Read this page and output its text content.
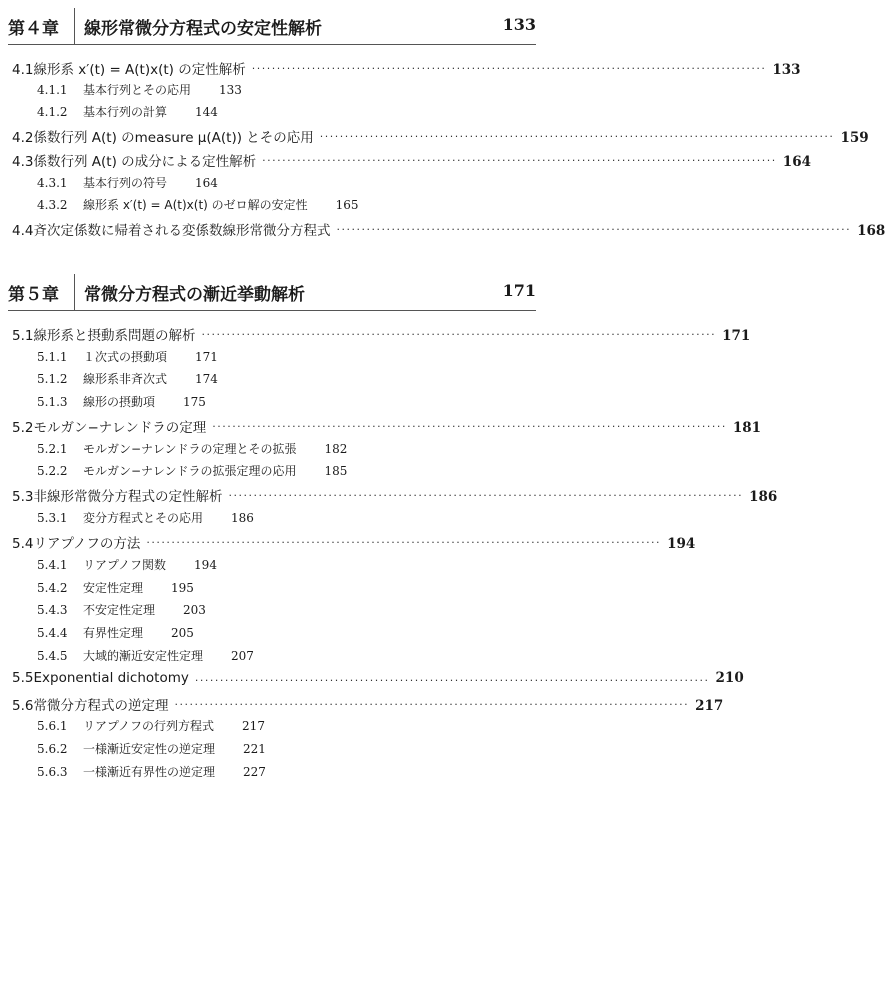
第４章 線形常微分方程式の安定性解析	133
4.1 線形系 x′(t) = A(t)x(t) の定性解析 ······································································································· 133
4.1.1	基本行列とその応用 133
4.1.2	基本行列の計算 144
4.2 係数行列 A(t) のmeasure μ(A(t)) とその応用 ······································································································· 159
4.3 係数行列 A(t) の成分による定性解析 ······································································································· 164
4.3.1	基本行列の符号 164
4.3.2	線形系 x′(t) = A(t)x(t) のゼロ解の安定性 165
4.4 斉次定係数に帰着される変係数線形常微分方程式 ······································································································· 168
第５章 常微分方程式の漸近挙動解析	171
5.1 線形系と摂動系問題の解析 ······································································································· 171
5.1.1	１次式の摂動項 171
5.1.2	線形系非斉次式 174
5.1.3	線形の摂動項 175
5.2 モルガン−ナレンドラの定理 ······································································································· 181
5.2.1	モルガン−ナレンドラの定理とその拡張 182
5.2.2	モルガン−ナレンドラの拡張定理の応用 185
5.3 非線形常微分方程式の定性解析 ······································································································· 186
5.3.1	変分方程式とその応用 186
5.4 リアプノフの方法 ······································································································· 194
5.4.1	リアプノフ関数 194
5.4.2	安定性定理 195
5.4.3	不安定性定理 203
5.4.4	有界性定理 205
5.4.5	大域的漸近安定性定理 207
5.5 Exponential dichotomy ······································································································· 210
5.6 常微分方程式の逆定理 ······································································································· 217
5.6.1	リアプノフの行列方程式 217
5.6.2	一様漸近安定性の逆定理 221
5.6.3	一様漸近有界性の逆定理 227
